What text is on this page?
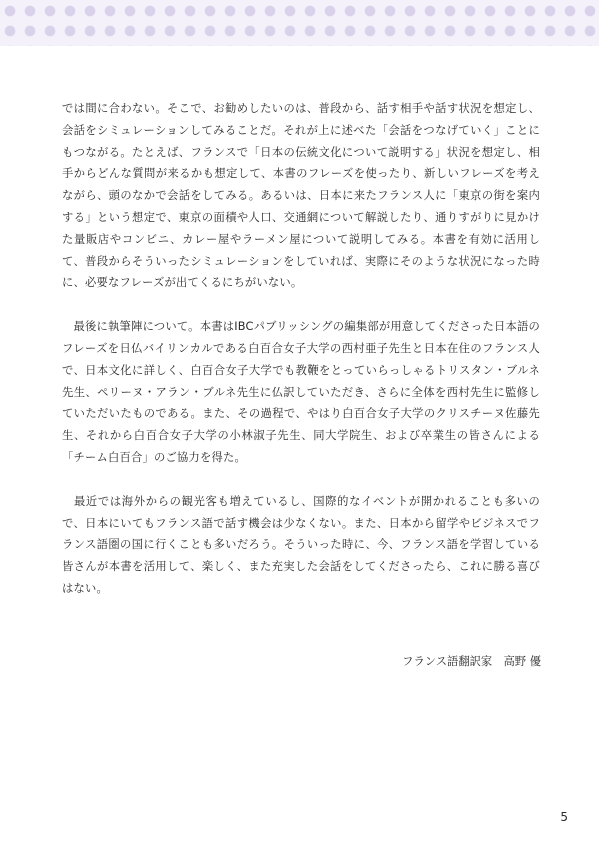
では間に合わない。そこで、お勧めしたいのは、普段から、話す相手や話す状況を想定し、会話をシミュレーションしてみることだ。それが上に述べた「会話をつなげていく」ことにもつながる。たとえば、フランスで「日本の伝統文化について説明する」状況を想定し、相手からどんな質問が来るかも想定して、本書のフレーズを使ったり、新しいフレーズを考えながら、頭のなかで会話をしてみる。あるいは、日本に来たフランス人に「東京の街を案内する」という想定で、東京の面積や人口、交通網について解説したり、通りすがりに見かけた量販店やコンビニ、カレー屋やラーメン屋について説明してみる。本書を有効に活用して、普段からそういったシミュレーションをしていれば、実際にそのような状況になった時に、必要なフレーズが出てくるにちがいない。

　最後に執筆陣について。本書はIBCパブリッシングの編集部が用意してくださった日本語のフレーズを日仏バイリンカルである白百合女子大学の西村亜子先生と日本在住のフランス人で、日本文化に詳しく、白百合女子大学でも教鞭をとっていらっしゃるトリスタン・ブルネ先生、ペリーヌ・アラン・ブルネ先生に仏訳していただき、さらに全体を西村先生に監修していただいたものである。また、その過程で、やはり白百合女子大学のクリスチーヌ佐藤先生、それから白百合女子大学の小林淑子先生、同大学院生、および卒業生の皆さんによる「チーム白百合」のご協力を得た。

　最近では海外からの観光客も増えているし、国際的なイベントが開かれることも多いので、日本にいてもフランス語で話す機会は少なくない。また、日本から留学やビジネスでフランス語圏の国に行くことも多いだろう。そういった時に、今、フランス語を学習している皆さんが本書を活用して、楽しく、また充実した会話をしてくださったら、これに勝る喜びはない。

フランス語翻訳家　高野 優
5
